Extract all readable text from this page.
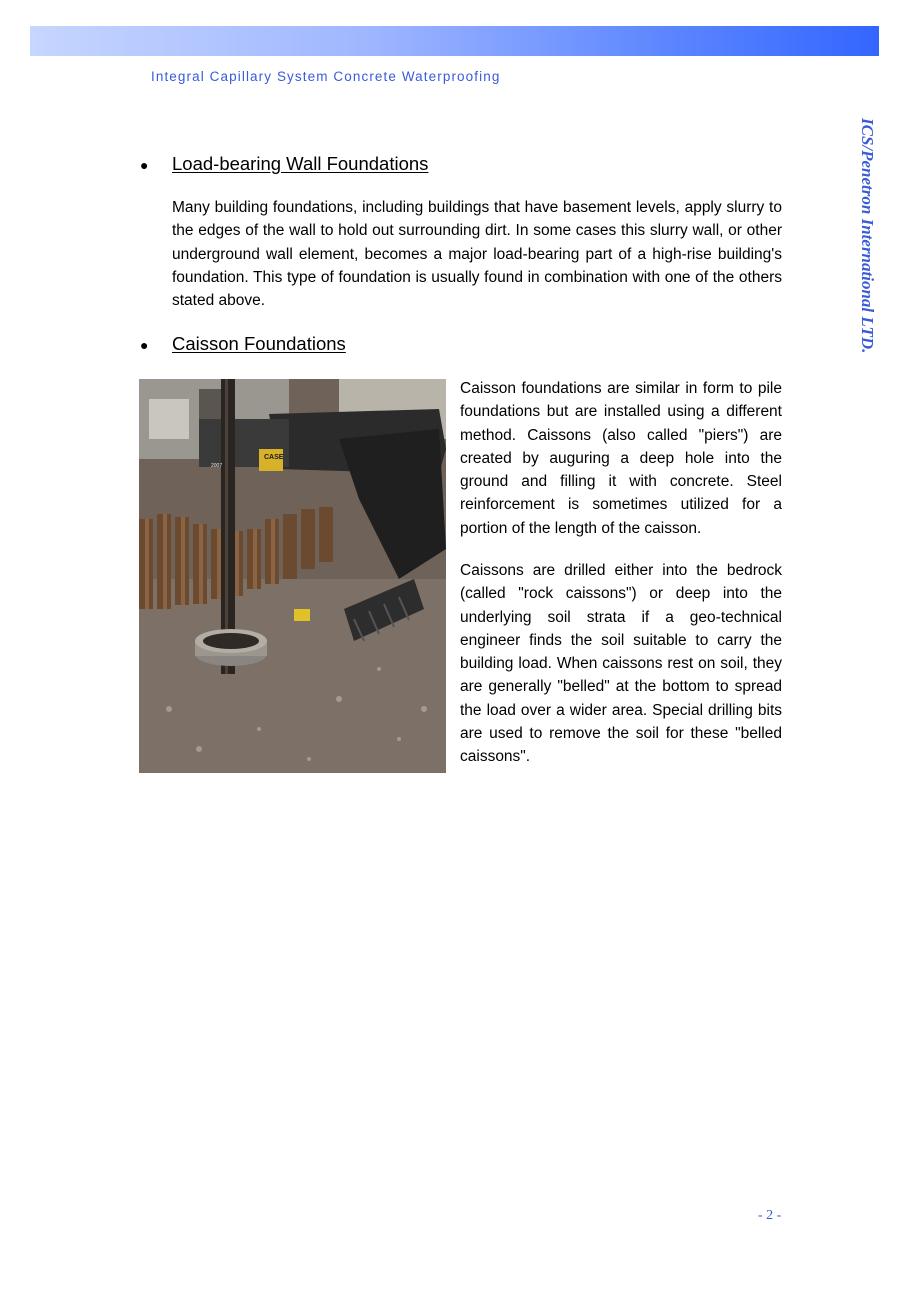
Integral Capillary System Concrete Waterproofing
ICS/Penetron International LTD.
● Load-bearing Wall Foundations

Many building foundations, including buildings that have basement levels, apply slurry to the edges of the wall to hold out surrounding dirt. In some cases this slurry wall, or other underground wall element, becomes a major load-bearing part of a high-rise building's foundation. This type of foundation is usually found in combination with one of the others stated above.

● Caisson Foundations
CASE
2007

Caisson foundations are similar in form to pile foundations but are installed using a different method. Caissons (also called "piers") are created by auguring a deep hole into the ground and filling it with concrete. Steel reinforcement is sometimes utilized for a portion of the length of the caisson.

Caissons are drilled either into the bedrock (called "rock caissons") or deep into the underlying soil strata if a geo-technical engineer finds the soil suitable to carry the building load. When caissons rest on soil, they are generally "belled" at the bottom to spread the load over a wider area. Special drilling bits are used to remove the soil for these "belled caissons".

- 2 -
